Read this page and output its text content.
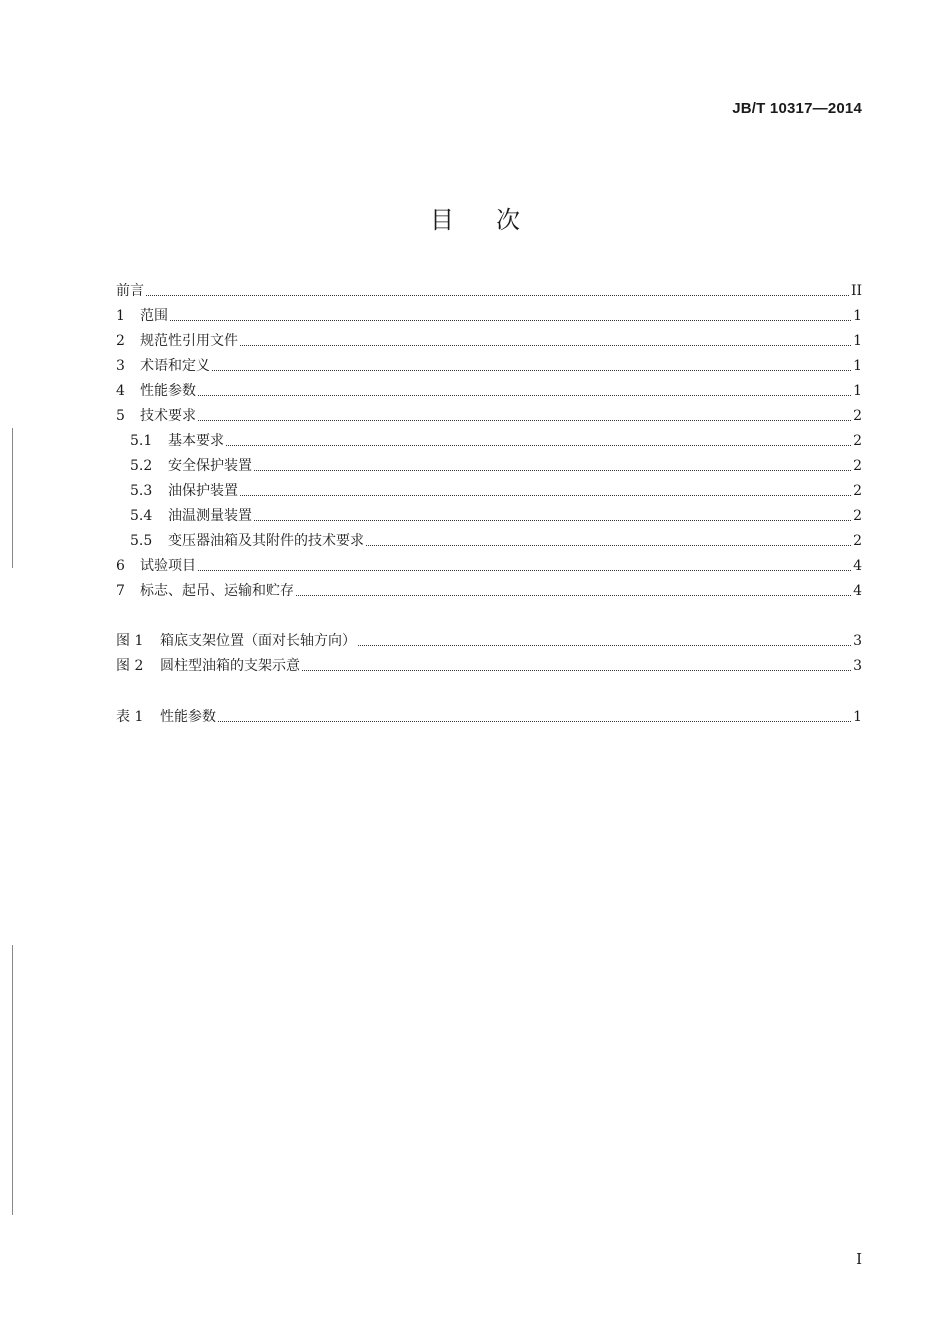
JB/T 10317—2014
目次
前言	II
1	范围	1
2	规范性引用文件	1
3	术语和定义	1
4	性能参数	1
5	技术要求	2
5.1	基本要求	2
5.2	安全保护装置	2
5.3	油保护装置	2
5.4	油温测量装置	2
5.5	变压器油箱及其附件的技术要求	2
6	试验项目	4
7	标志、起吊、运输和贮存	4
图 1	箱底支架位置（面对长轴方向）	3
图 2	圆柱型油箱的支架示意	3
表 1	性能参数	1
I
